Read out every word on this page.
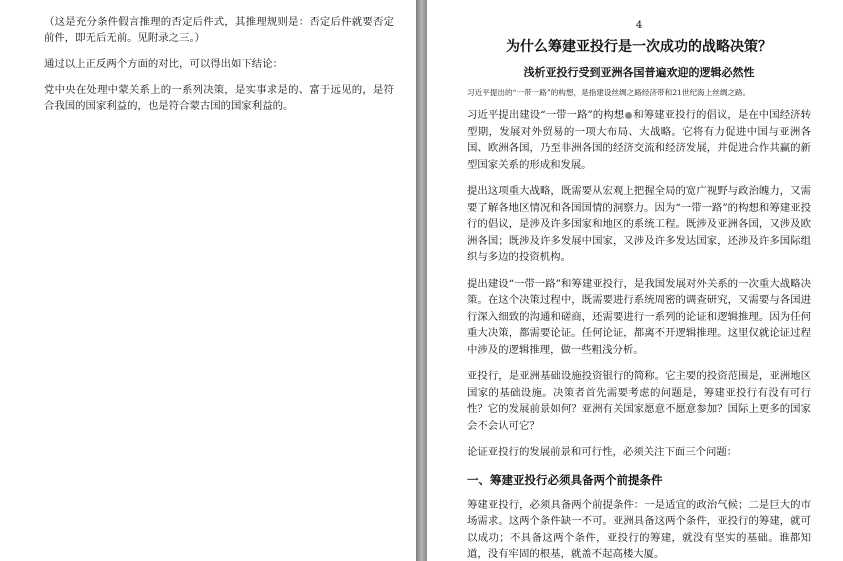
（这是充分条件假言推理的否定后件式，其推理规则是：否定后件就要否定前件，即无后无前。见附录之三。）

通过以上正反两个方面的对比，可以得出如下结论：

党中央在处理中蒙关系上的一系列决策，是实事求是的、富于远见的，是符合我国的国家利益的，也是符合蒙古国的国家利益的。

4
为什么筹建亚投行是一次成功的战略决策？
浅析亚投行受到亚洲各国普遍欢迎的逻辑必然性
习近平提出的“一带一路”的构想，是指建设丝绸之路经济带和21世纪海上丝绸之路。

习近平提出建设“一带一路”的构想 和筹建亚投行的倡议，是在中国经济转型期，发展对外贸易的一项大布局、大战略。它将有力促进中国与亚洲各国、欧洲各国，乃至非洲各国的经济交流和经济发展，并促进合作共赢的新型国家关系的形成和发展。

提出这项重大战略，既需要从宏观上把握全局的宽广视野与政治魄力，又需要了解各地区情况和各国国情的洞察力。因为“一带一路”的构想和筹建亚投行的倡议，是涉及许多国家和地区的系统工程。既涉及亚洲各国，又涉及欧洲各国；既涉及许多发展中国家，又涉及许多发达国家，还涉及许多国际组织与多边的投资机构。

提出建设“一带一路”和筹建亚投行，是我国发展对外关系的一次重大战略决策。在这个决策过程中，既需要进行系统周密的调查研究，又需要与各国进行深入细致的沟通和磋商，还需要进行一系列的论证和逻辑推理。因为任何重大决策，都需要论证。任何论证，都离不开逻辑推理。这里仅就论证过程中涉及的逻辑推理，做一些粗浅分析。

亚投行，是亚洲基础设施投资银行的简称。它主要的投资范围是，亚洲地区国家的基础设施。决策者首先需要考虑的问题是，筹建亚投行有没有可行性？它的发展前景如何？亚洲有关国家愿意不愿意参加？国际上更多的国家会不会认可它？

论证亚投行的发展前景和可行性，必须关注下面三个问题：

一、筹建亚投行必须具备两个前提条件

筹建亚投行，必须具备两个前提条件：一是适宜的政治气候；二是巨大的市场需求。这两个条件缺一不可。亚洲具备这两个条件，亚投行的筹建，就可以成功；不具备这两个条件，亚投行的筹建，就没有坚实的基础。谁都知道，没有牢固的根基，就盖不起高楼大厦。
